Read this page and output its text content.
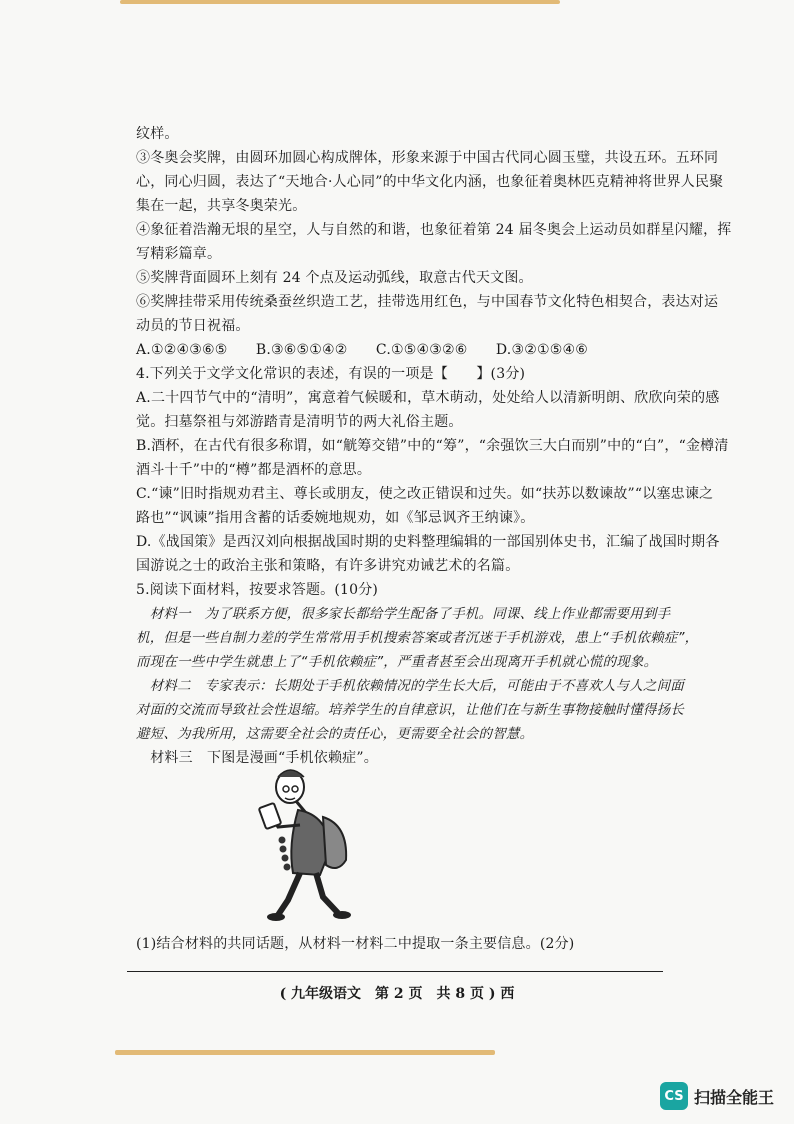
( 九年级语文　第 2 页　共 8 页 ) 西
CS 扫描全能王
纹样。
③冬奥会奖牌，由圆环加圆心构成牌体，形象来源于中国古代同心圆玉璧，共设五环。五环同
心，同心归圆，表达了“天地合·人心同”的中华文化内涵，也象征着奥林匹克精神将世界人民聚
集在一起，共享冬奥荣光。
④象征着浩瀚无垠的星空，人与自然的和谐，也象征着第 24 届冬奥会上运动员如群星闪耀，挥
写精彩篇章。
⑤奖牌背面圆环上刻有 24 个点及运动弧线，取意古代天文图。
⑥奖牌挂带采用传统桑蚕丝织造工艺，挂带选用红色，与中国春节文化特色相契合，表达对运
动员的节日祝福。
A.①②④③⑥⑤　　B.③⑥⑤①④②　　C.①⑤④③②⑥　　D.③②①⑤④⑥
4.下列关于文学文化常识的表述，有误的一项是【　　】(3分)
A.二十四节气中的“清明”，寓意着气候暖和，草木萌动，处处给人以清新明朗、欣欣向荣的感
觉。扫墓祭祖与郊游踏青是清明节的两大礼俗主题。
B.酒杯，在古代有很多称谓，如“觥筹交错”中的“筹”，“余强饮三大白而别”中的“白”，“金樽清
酒斗十千”中的“樽”都是酒杯的意思。
C.“谏”旧时指规劝君主、尊长或朋友，使之改正错误和过失。如“扶苏以数谏故”“以塞忠谏之
路也”“讽谏”指用含蓄的话委婉地规劝，如《邹忌讽齐王纳谏》。
D.《战国策》是西汉刘向根据战国时期的史料整理编辑的一部国别体史书，汇编了战国时期各
国游说之士的政治主张和策略，有许多讲究劝诫艺术的名篇。
5.阅读下面材料，按要求答题。(10分)
　材料一　为了联系方便，很多家长都给学生配备了手机。同课、线上作业都需要用到手
机，但是一些自制力差的学生常常用手机搜索答案或者沉迷于手机游戏，患上“手机依赖症”，
而现在一些中学生就患上了“手机依赖症”，严重者甚至会出现离开手机就心慌的现象。
　材料二　专家表示：长期处于手机依赖情况的学生长大后，可能由于不喜欢人与人之间面
对面的交流而导致社会性退缩。培养学生的自律意识，让他们在与新生事物接触时懂得扬长
避短、为我所用，这需要全社会的责任心，更需要全社会的智慧。
　材料三　下图是漫画“手机依赖症”。
(1)结合材料的共同话题，从材料一材料二中提取一条主要信息。(2分)
